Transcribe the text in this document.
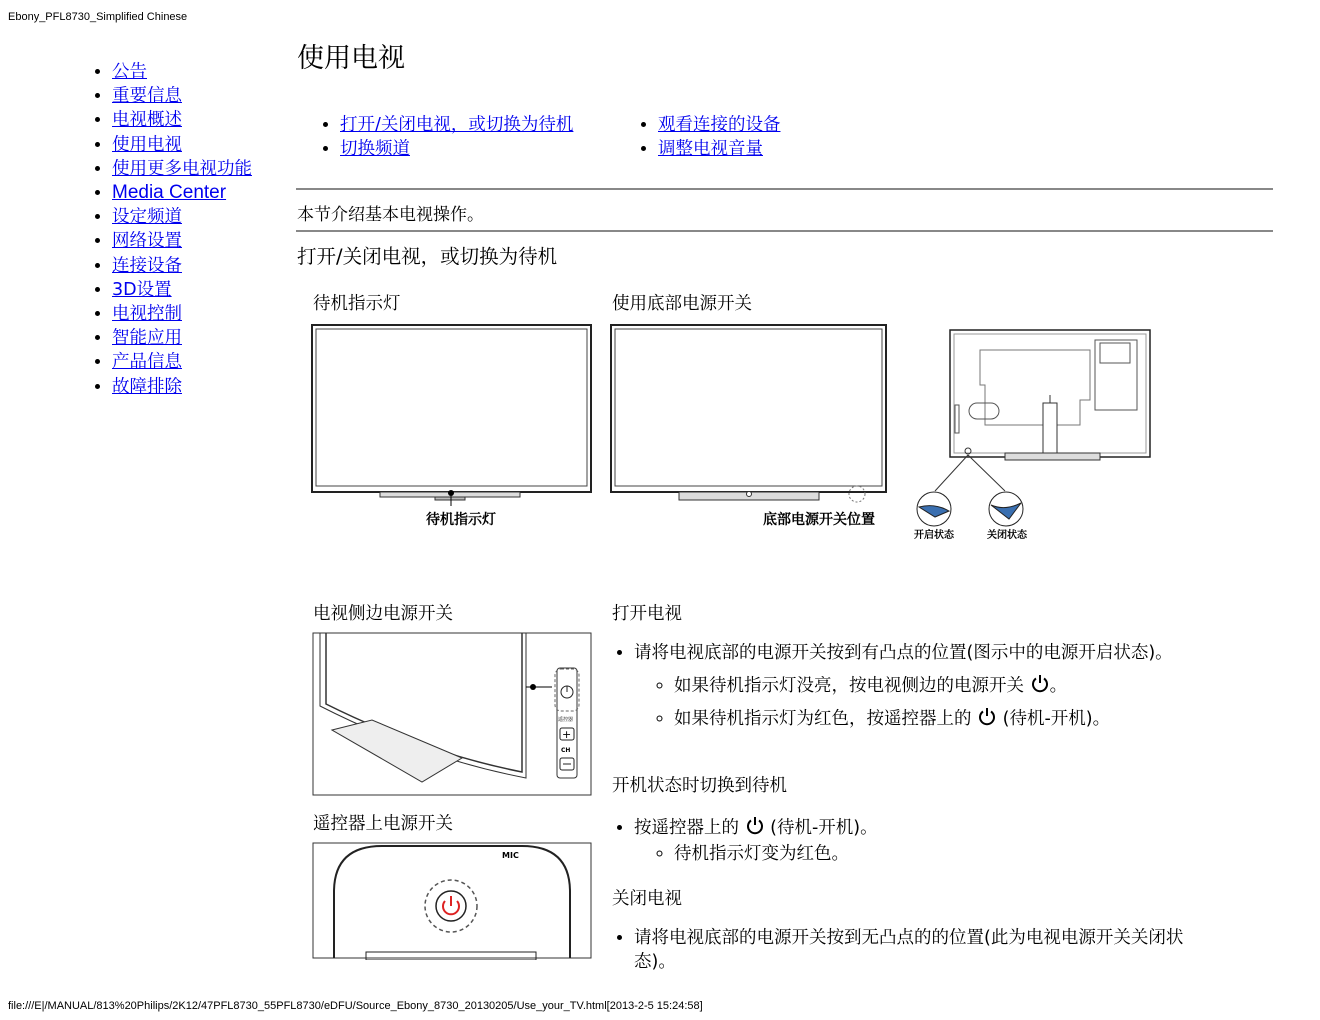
Ebony_PFL8730_Simplified Chinese
• 公告
• 重要信息
• 电视概述
• 使用电视
• 使用更多电视功能
• Media Center
• 设定频道
• 网络设置
• 连接设备
• 3D设置
• 电视控制
• 智能应用
• 产品信息
• 故障排除
使用电视
• 打开/关闭电视，或切换为待机
• 切换频道
• 观看连接的设备
• 调整电视音量
本节介绍基本电视操作。
打开/关闭电视，或切换为待机
待机指示灯	使用底部电源开关
待机指示灯	底部电源开关位置
开启状态	关闭状态
电视侧边电源开关
遥控器
+
CH
遥控器上电源开关
MIC
打开电视
• 请将电视底部的电源开关按到有凸点的位置(图示中的电源开启状态)。
◦ 如果待机指示灯没亮，按电视侧边的电源开关 。
◦ 如果待机指示灯为红色，按遥控器上的 (待机-开机)。
开机状态时切换到待机
• 按遥控器上的 (待机-开机)。
◦ 待机指示灯变为红色。
关闭电视
• 请将电视底部的电源开关按到无凸点的的位置(此为电视电源开关关闭状态)。
file:///E|/MANUAL/813%20Philips/2K12/47PFL8730_55PFL8730/eDFU/Source_Ebony_8730_20130205/Use_your_TV.html[2013-2-5 15:24:58]
